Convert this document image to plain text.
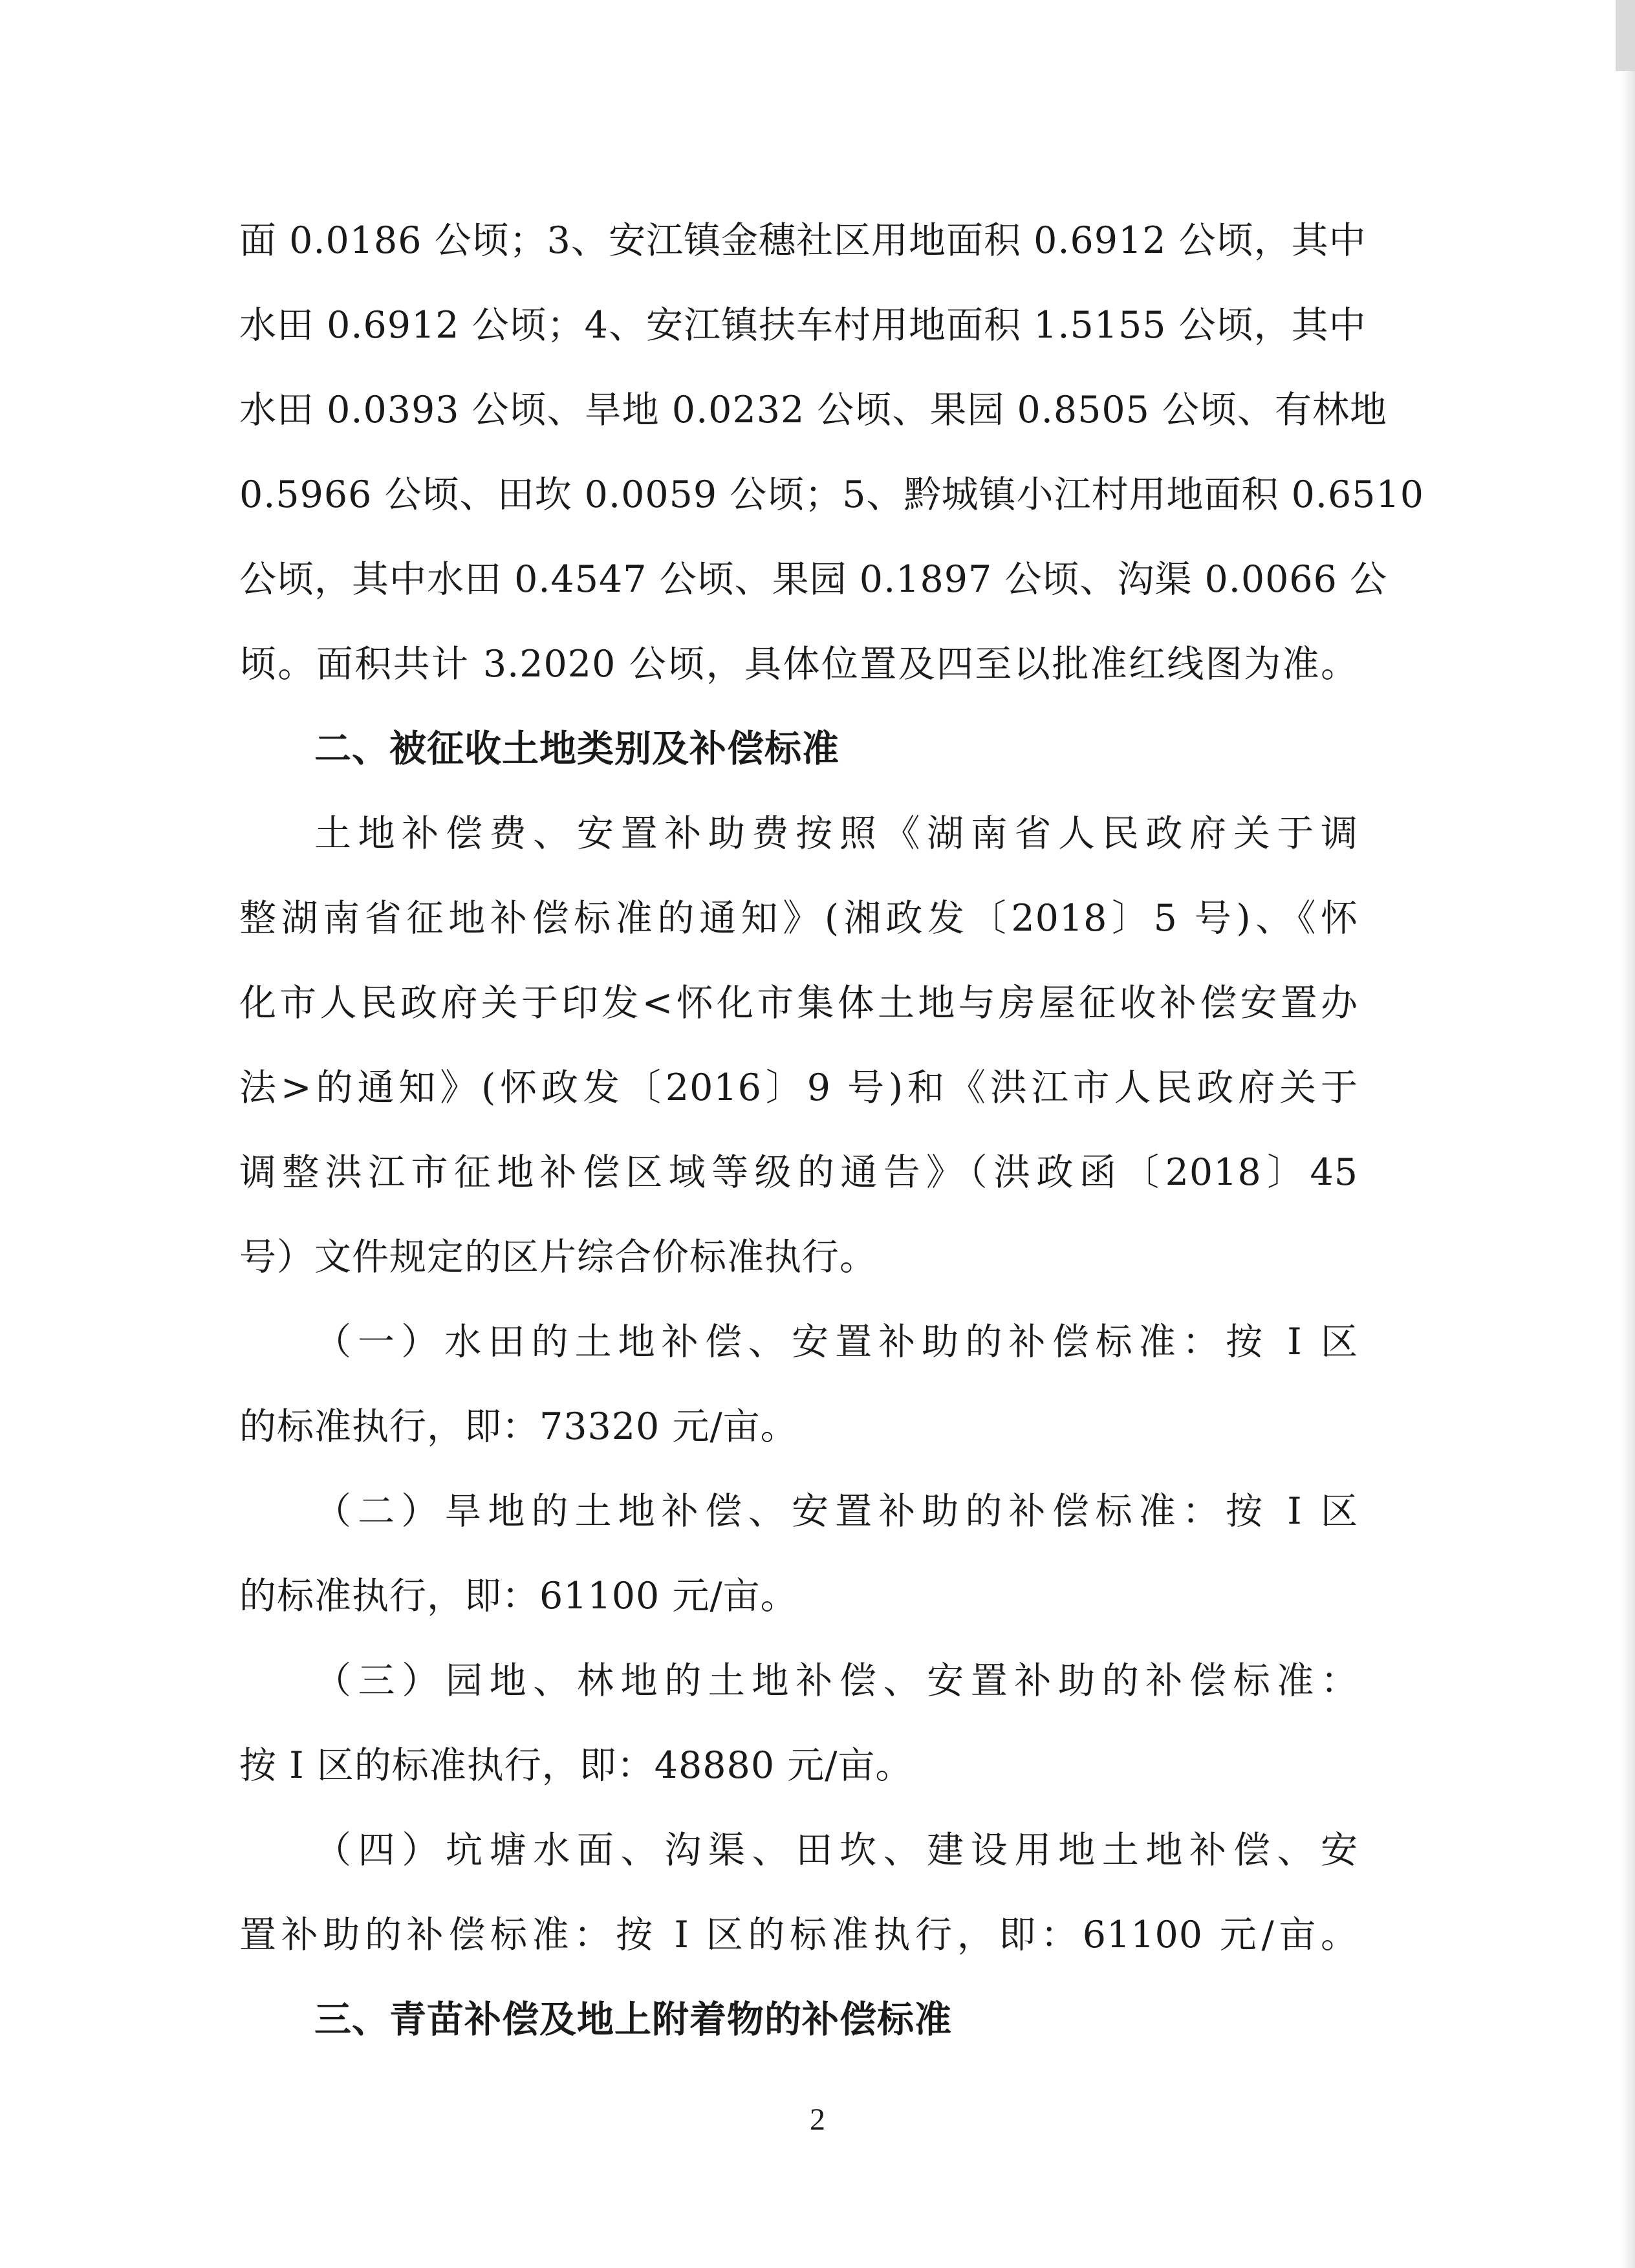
面 0.0186 公顷；3、安江镇金穗社区用地面积 0.6912 公顷，其中
水田 0.6912 公顷；4、安江镇扶车村用地面积 1.5155 公顷，其中
水田 0.0393 公顷、旱地 0.0232 公顷、果园 0.8505 公顷、有林地
0.5966 公顷、田坎 0.0059 公顷；5、黔城镇小江村用地面积 0.6510
公顷，其中水田 0.4547 公顷、果园 0.1897 公顷、沟渠 0.0066 公
顷。面积共计 3.2020 公顷，具体位置及四至以批准红线图为准。
二、被征收土地类别及补偿标准
土地补偿费、安置补助费按照《湖南省人民政府关于调
整湖南省征地补偿标准的通知》(湘政发〔2018〕5 号)、《怀
化市人民政府关于印发<怀化市集体土地与房屋征收补偿安置办
法>的通知》(怀政发〔2016〕9 号)和《洪江市人民政府关于
调整洪江市征地补偿区域等级的通告》（洪政函〔2018〕45
号）文件规定的区片综合价标准执行。
（一）水田的土地补偿、安置补助的补偿标准：按 I 区
的标准执行，即：73320 元/亩。
（二）旱地的土地补偿、安置补助的补偿标准：按 I 区
的标准执行，即：61100 元/亩。
（三）园地、林地的土地补偿、安置补助的补偿标准：
按 I 区的标准执行，即：48880 元/亩。
（四）坑塘水面、沟渠、田坎、建设用地土地补偿、安
置补助的补偿标准：按 I 区的标准执行，即：61100 元/亩。
三、青苗补偿及地上附着物的补偿标准
2
